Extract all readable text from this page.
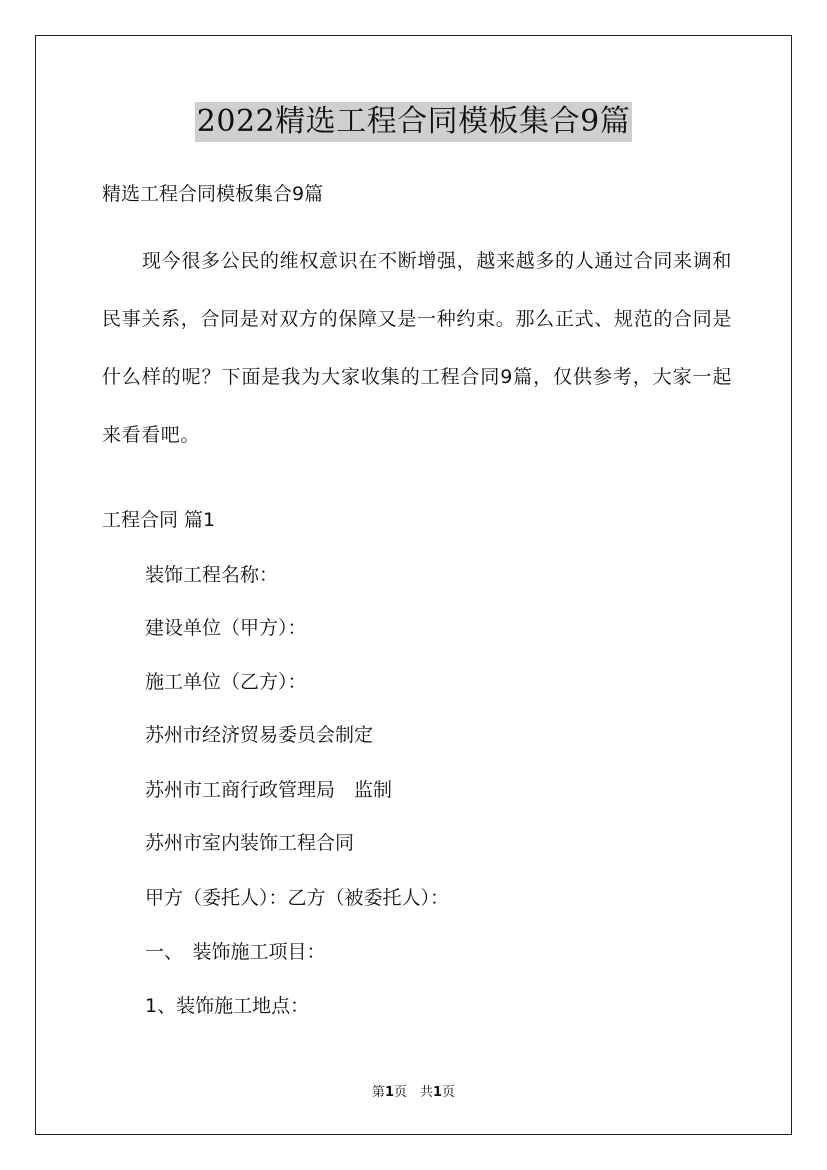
2022精选工程合同模板集合9篇
精选工程合同模板集合9篇
现今很多公民的维权意识在不断增强，越来越多的人通过合同来调和民事关系，合同是对双方的保障又是一种约束。那么正式、规范的合同是什么样的呢？下面是我为大家收集的工程合同9篇，仅供参考，大家一起来看看吧。
工程合同 篇1
装饰工程名称：
建设单位（甲方）：
施工单位（乙方）：
苏州市经济贸易委员会制定
苏州市工商行政管理局　监制
苏州市室内装饰工程合同
甲方（委托人）：乙方（被委托人）：
一、　装饰施工项目：
1、装饰施工地点：
第1页　共1页
